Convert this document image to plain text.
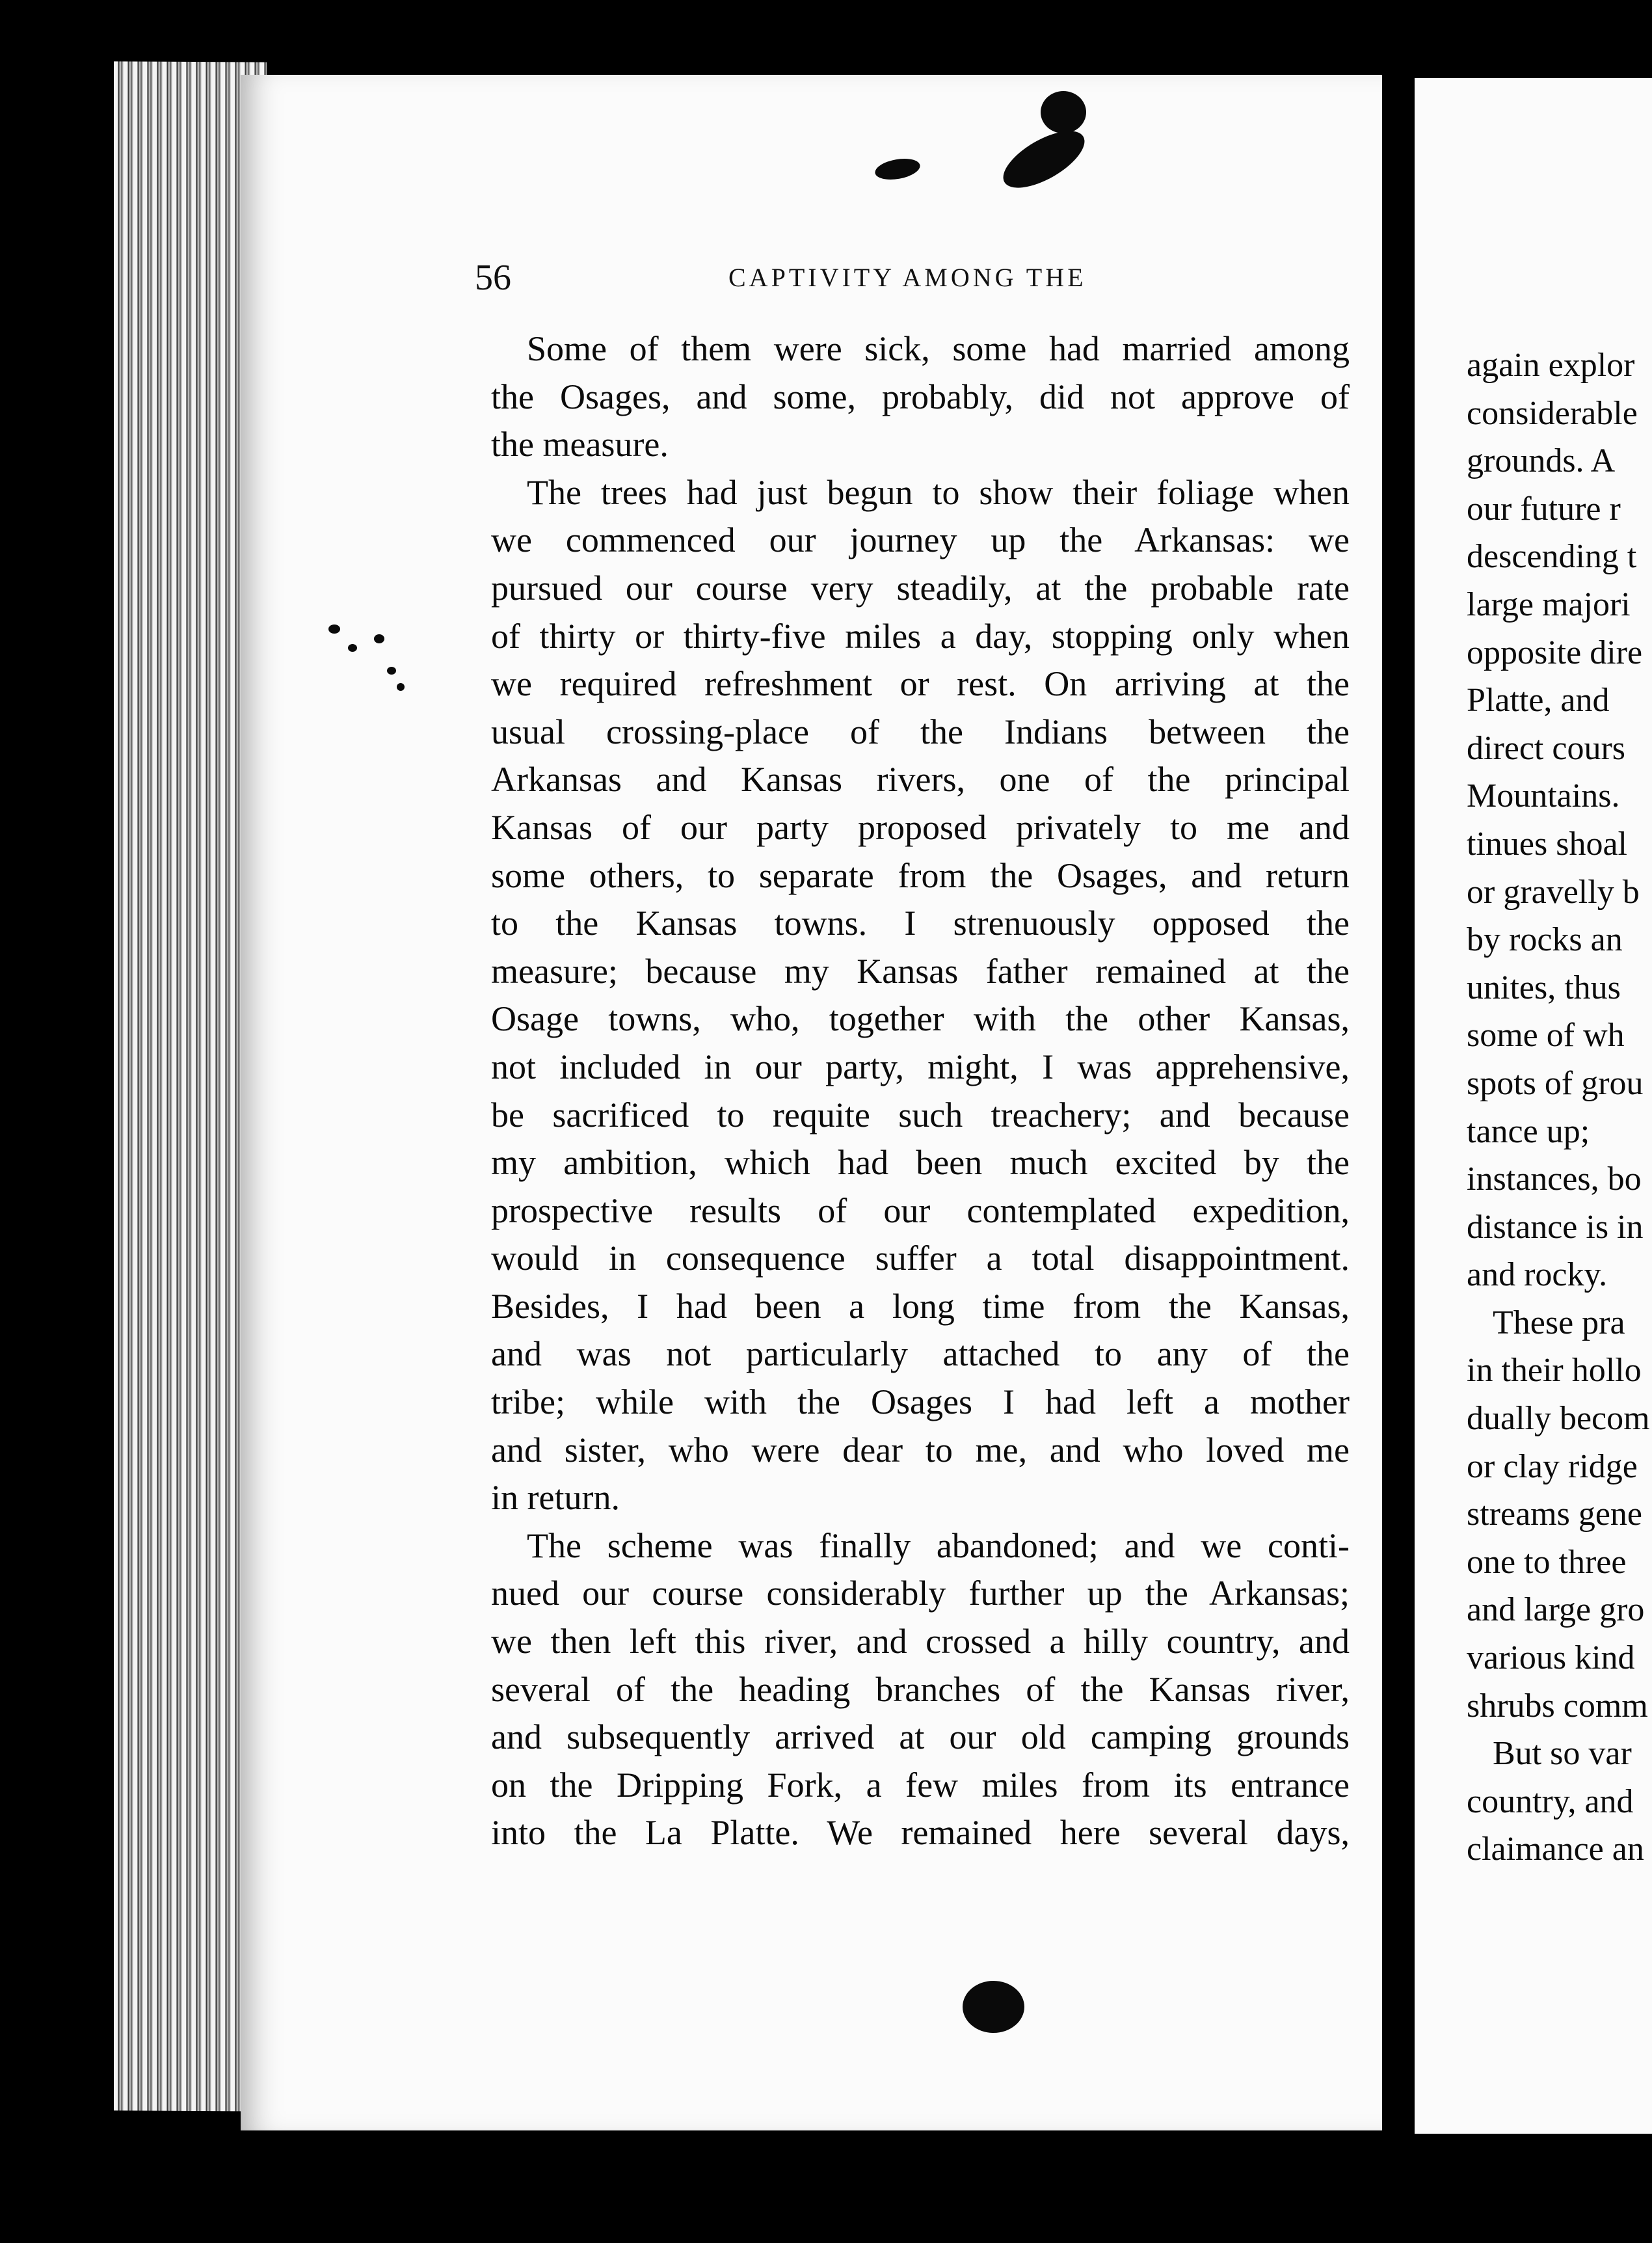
56	CAPTIVITY AMONG THE
Some of them were sick, some had married among
the Osages, and some, probably, did not approve of
the measure.
The trees had just begun to show their foliage when
we commenced our journey up the Arkansas: we
pursued our course very steadily, at the probable rate
of thirty or thirty-five miles a day, stopping only when
we required refreshment or rest. On arriving at the
usual crossing-place of the Indians between the
Arkansas and Kansas rivers, one of the principal
Kansas of our party proposed privately to me and
some others, to separate from the Osages, and return
to the Kansas towns. I strenuously opposed the
measure; because my Kansas father remained at the
Osage towns, who, together with the other Kansas,
not included in our party, might, I was apprehensive,
be sacrificed to requite such treachery; and because
my ambition, which had been much excited by the
prospective results of our contemplated expedition,
would in consequence suffer a total disappointment.
Besides, I had been a long time from the Kansas,
and was not particularly attached to any of the
tribe; while with the Osages I had left a mother
and sister, who were dear to me, and who loved me
in return.
The scheme was finally abandoned; and we conti-
nued our course considerably further up the Arkansas;
we then left this river, and crossed a hilly country, and
several of the heading branches of the Kansas river,
and subsequently arrived at our old camping grounds
on the Dripping Fork, a few miles from its entrance
into the La Platte. We remained here several days,
again explor
considerable
grounds. A
our future r
descending t
large majori
opposite dire
Platte, and
direct cours
Mountains.
tinues shoal
or gravelly b
by rocks an
unites, thus
some of wh
spots of grou
tance up;
instances, bo
distance is in
and rocky.
These pra
in their hollo
dually becom
or clay ridge
streams gene
one to three
and large gro
various kind
shrubs comm
But so var
country, and
claimance an
